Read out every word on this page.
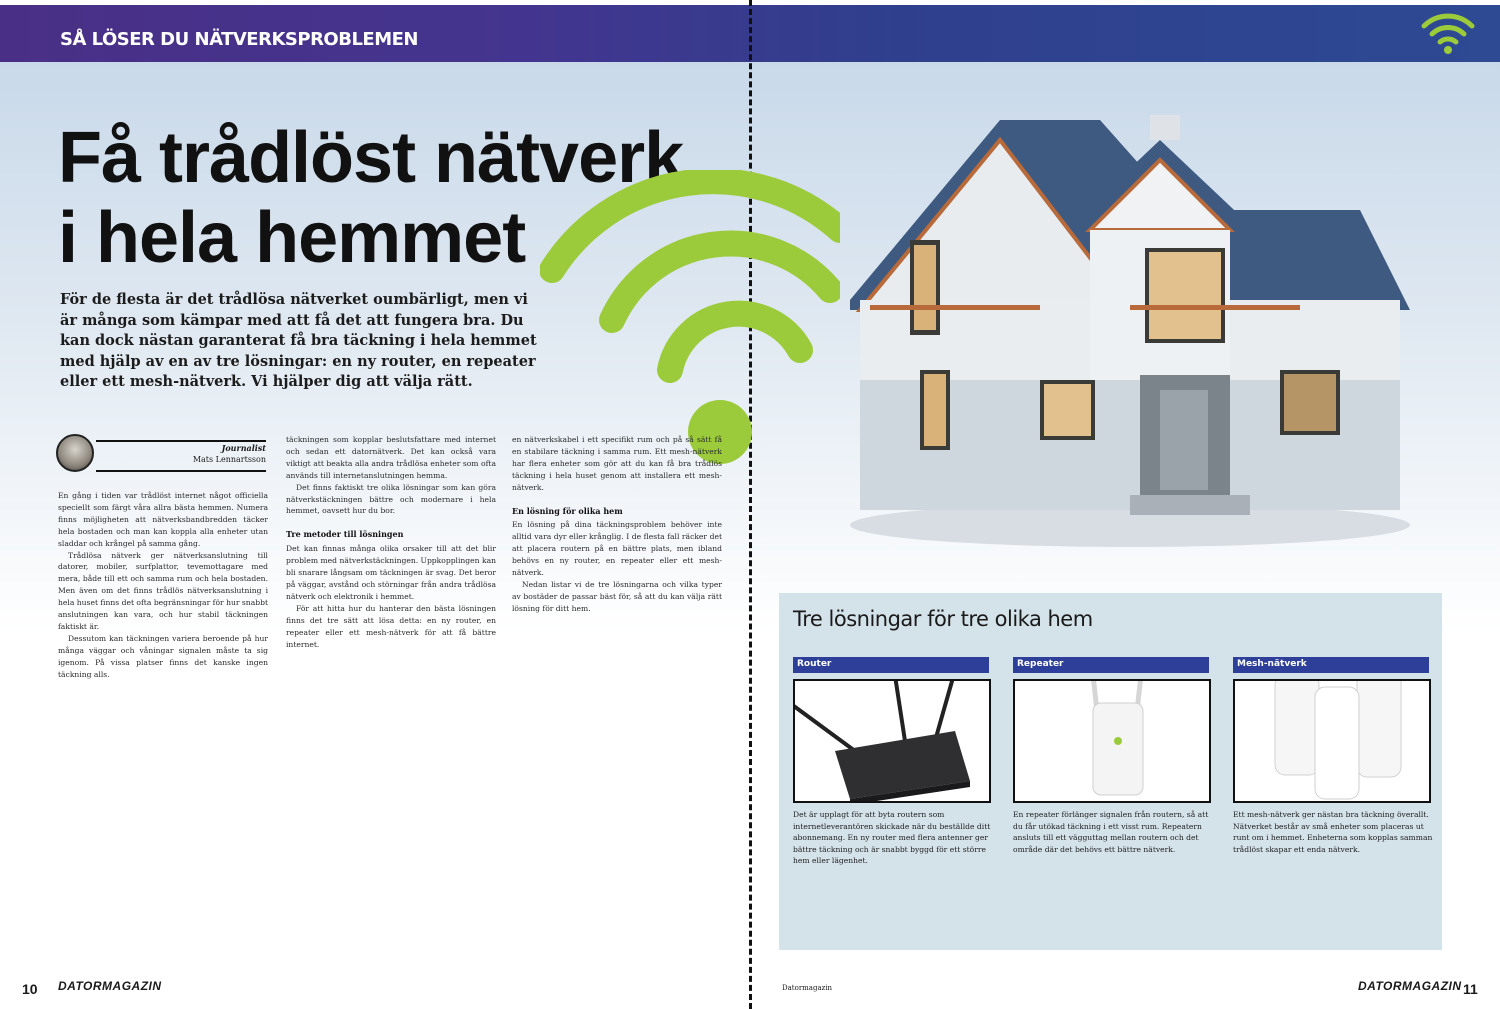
SÅ LÖSER DU NÄTVERKSPROBLEMEN
Få trådlöst nätverk
i hela hemmet
För de flesta är det trådlösa nätverket oumbärligt, men vi är många som kämpar med att få det att fungera bra. Du kan dock nästan garanterat få bra täckning i hela hemmet med hjälp av en av tre lösningar: en ny router, en repeater eller ett mesh-nätverk. Vi hjälper dig att välja rätt.
Journalist
Mats Lennartsson

En gång i tiden var trådlöst internet något officiella speciellt som färgt våra allra bästa hemmen. Numera finns möjligheten att nätverksbandbredden täcker hela bostaden och man kan koppla alla enheter utan sladdar och krångel på samma gång.

Trådlösa nätverk ger nätverksanslutning till datorer, mobiler, surfplattor, tevemottagare med mera, både till ett och samma rum och hela bostaden. Men även om det finns trådlös nätverksanslutning i hela huset finns det ofta begränsningar för hur snabbt anslutningen kan vara, och hur stabil täckningen faktiskt är.

Dessutom kan täckningen variera beroende på hur många väggar och våningar signalen måste ta sig igenom. På vissa platser finns det kanske ingen täckning alls.

täckningen som kopplar beslutsfattare med internet och sedan ett datornätverk. Det kan också vara viktigt att beakta alla andra trådlösa enheter som ofta används till internetanslutningen hemma.

Det finns faktiskt tre olika lösningar som kan göra nätverkstäckningen bättre och modernare i hela hemmet, oavsett hur du bor.

Tre metoder till lösningen

Det kan finnas många olika orsaker till att det blir problem med nätverkstäckningen. Uppkopplingen kan bli snarare långsam om täckningen är svag. Det beror på väggar, avstånd och störningar från andra trådlösa nätverk och elektronik i hemmet.

För att hitta hur du hanterar den bästa lösningen finns det tre sätt att lösa detta: en ny router, en repeater eller ett mesh-nätverk för att få bättre internet.

en nätverkskabel i ett specifikt rum och på så sätt få en stabilare täckning i samma rum. Ett mesh-nätverk har flera enheter som gör att du kan få bra trådlös täckning i hela huset genom att installera ett mesh-nätverk.

En lösning för olika hem

En lösning på dina täckningsproblem behöver inte alltid vara dyr eller krånglig. I de flesta fall räcker det att placera routern på en bättre plats, men ibland behövs en ny router, en repeater eller ett mesh-nätverk.

Nedan listar vi de tre lösningarna och vilka typer av bostäder de passar bäst för, så att du kan välja rätt lösning för ditt hem.	Tre lösningar för tre olika hem
Router
Det är upplagt för att byta routern som internetleverantören skickade när du beställde ditt abonnemang. En ny router med flera antenner ger bättre täckning och är snabbt byggd för ett större hem eller lägenhet.
Repeater
En repeater förlänger signalen från routern, så att du får utökad täckning i ett visst rum. Repeatern ansluts till ett vägguttag mellan routern och det område där det behövs ett bättre nätverk.
Mesh-nätverk
Ett mesh-nätverk ger nästan bra täckning överallt. Nätverket består av små enheter som placeras ut runt om i hemmet. Enheterna som kopplas samman trådlöst skapar ett enda nätverk.
10 DATORMAGAZIN	Datormagazin	DATORMAGAZIN 11
